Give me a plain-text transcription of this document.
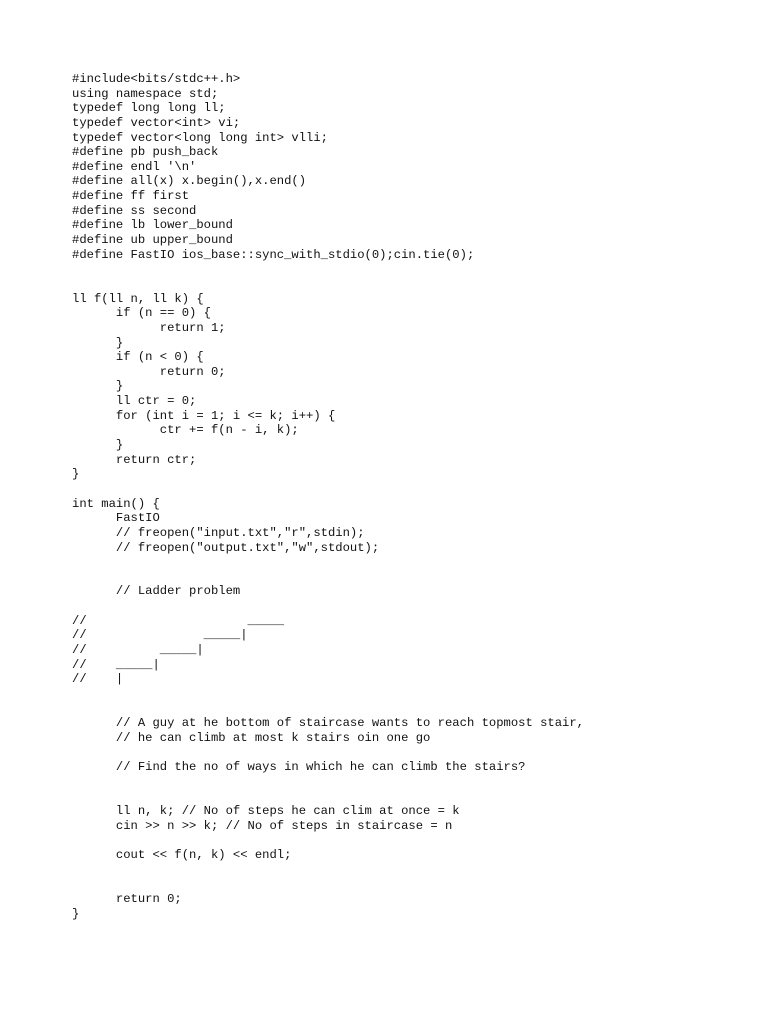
#include<bits/stdc++.h>
using namespace std;
typedef long long ll;
typedef vector<int> vi;
typedef vector<long long int> vlli;
#define pb push_back
#define endl '\n'
#define all(x) x.begin(),x.end()
#define ff first
#define ss second
#define lb lower_bound
#define ub upper_bound
#define FastIO ios_base::sync_with_stdio(0);cin.tie(0);
ll f(ll n, ll k) {
if (n == 0) {
return 1;
}
if (n < 0) {
return 0;
}
ll ctr = 0;
for (int i = 1; i <= k; i++) {
ctr += f(n - i, k);
}
return ctr;
}
int main() {
FastIO
// freopen("input.txt","r",stdin);
// freopen("output.txt","w",stdout);
// Ladder problem
//                      _____
//                _____|
//          _____|
//    _____|
//    |
// A guy at he bottom of staircase wants to reach topmost stair,
// he can climb at most k stairs oin one go
// Find the no of ways in which he can climb the stairs?
ll n, k; // No of steps he can clim at once = k
cin >> n >> k; // No of steps in staircase = n
cout << f(n, k) << endl;
return 0;
}
